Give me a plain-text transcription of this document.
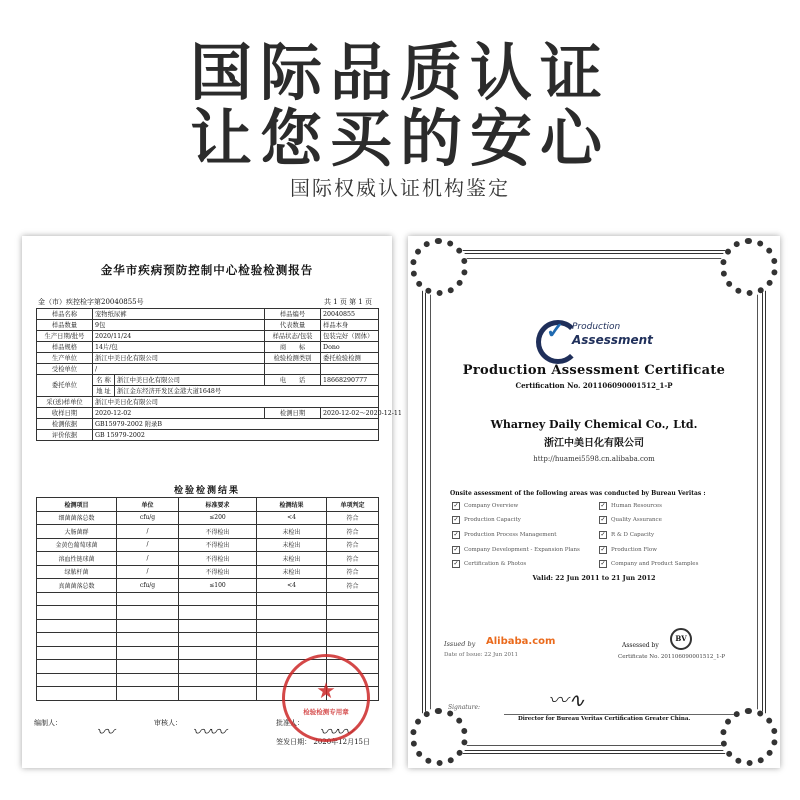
国际品质认证
让您买的安心
国际权威认证机构鉴定
金华市疾病预防控制中心检验检测报告
金（市）疾控检字第20040855号	共 1 页 第 1 页
样品名称	宠物纸尿裤		样品编号	20040855
样品数量	9包		代表数量	样品本身
生产日期/批号	2020/11/24		样品状态/包装	包装完好（固体）
样品规格	14片/包		商　　标	Dono
生产单位	浙江中美日化有限公司		检验检测类别	委托检验检测
受检单位	/			
委托单位	名 称	浙江中美日化有限公司	电　　话	18668290777
	地 址	浙江金东经济开发区金港大道1648号		
采(送)样单位	浙江中美日化有限公司			
收样日期	2020-12-02		检测日期	2020-12-02～2020-12-11
检测依据	GB15979-2002 附录B			
评价依据	GB 15979-2002			
检验检测结果
检测项目	单位	标准要求	检测结果	单项判定
细菌菌落总数	cfu/g	≤200	<4	符合
大肠菌群	/	不得检出	未检出	符合
金黄色葡萄球菌	/	不得检出	未检出	符合
溶血性链球菌	/	不得检出	未检出	符合
绿脓杆菌	/	不得检出	未检出	符合
真菌菌落总数	cfu/g	≤100	<4	符合

编制人： 〰	审核人： 〰〰	批准人： 〰〰
签发日期： 2020年12月15日
★
检验检测专用章
✓ Production
Assessment
Production Assessment Certificate
Certification No. 201106090001512_1-P
Wharney Daily Chemical Co., Ltd.
浙江中美日化有限公司
http://huamei5598.cn.alibaba.com
Onsite assessment of the following areas was conducted by Bureau Veritas :
✓ Company Overview	✓ Human Resources
✓ Production Capacity	✓ Quality Assurance
✓ Production Process Management	✓ R & D Capacity
✓ Company Development - Expansion Plans	✓ Production Flow
✓ Certification & Photos	✓ Company and Product Samples
Valid: 22 Jun 2011 to 21 Jun 2012
Issued by Alibaba.com
Date of Issue: 22 Jun 2011
Assessed by
BV
Certificate No. 201106090001512_1-P
〰∿
Signature:
Director for Bureau Veritas Certification Greater China.
